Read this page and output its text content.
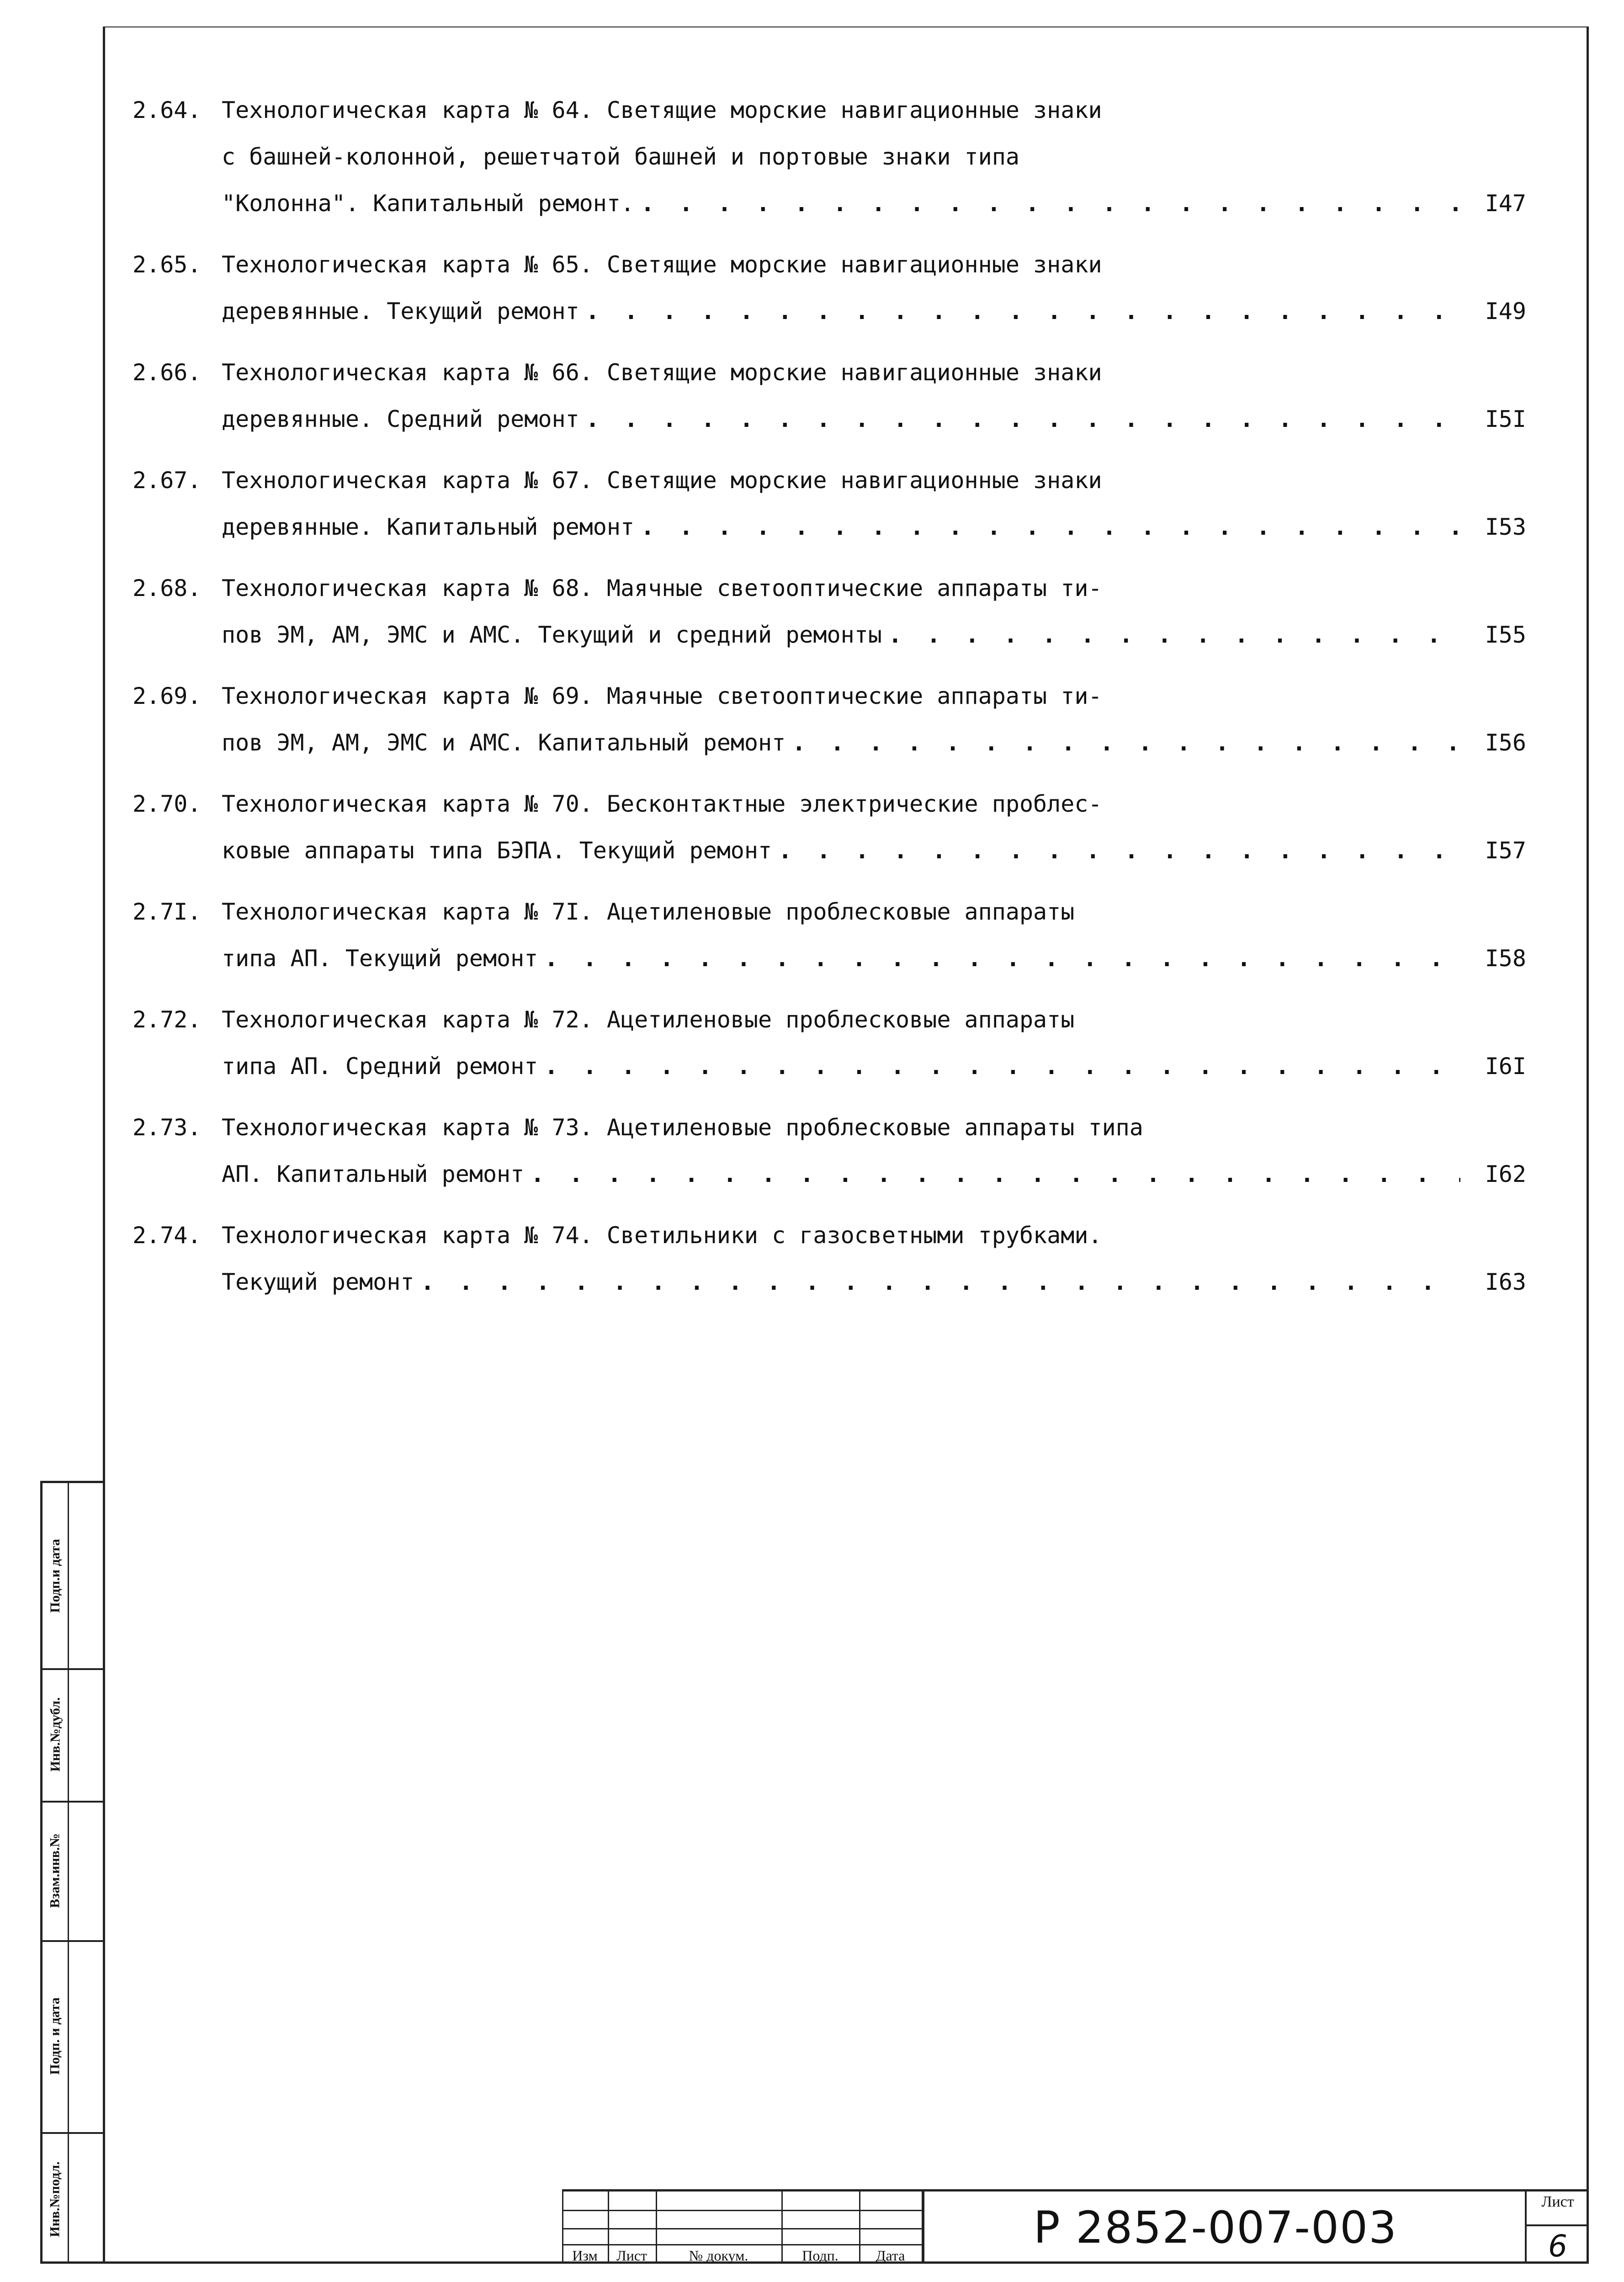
2.64. Технологическая карта № 64. Светящие морские навигационные знаки
с башней-колонной, решетчатой башней и портовые знаки типа
"Колонна". Капитальный ремонт. . . .	I47
2.65. Технологическая карта № 65. Светящие морские навигационные знаки
деревянные. Текущий ремонт . . .	I49
2.66. Технологическая карта № 66. Светящие морские навигационные знаки
деревянные. Средний ремонт . . .	I5I
2.67. Технологическая карта № 67. Светящие морские навигационные знаки
деревянные. Капитальный ремонт . . .	I53
2.68. Технологическая карта № 68. Маячные светооптические аппараты ти-
пов ЭМ, АМ, ЭМС и АМС. Текущий и средний ремонты . . .	I55
2.69. Технологическая карта № 69. Маячные светооптические аппараты ти-
пов ЭМ, АМ, ЭМС и АМС. Капитальный ремонт . . .	I56
2.70. Технологическая карта № 70. Бесконтактные электрические проблес-
ковые аппараты типа БЭПА. Текущий ремонт . . .	I57
2.7I. Технологическая карта № 7I. Ацетиленовые проблесковые аппараты
типа АП. Текущий ремонт . . .	I58
2.72. Технологическая карта № 72. Ацетиленовые проблесковые аппараты
типа АП. Средний ремонт . . .	I6I
2.73. Технологическая карта № 73. Ацетиленовые проблесковые аппараты типа
АП. Капитальный ремонт . . .	I62
2.74. Технологическая карта № 74. Светильники с газосветными трубками.
Текущий ремонт . . .	I63
Подп.и дата
Инв.№дубл.
Взам.инв.№
Подп. и дата
Инв.№подл.
Изм	Лист	№ докум.	Подп.	Дата
Р 2852-007-003
Лист
6
